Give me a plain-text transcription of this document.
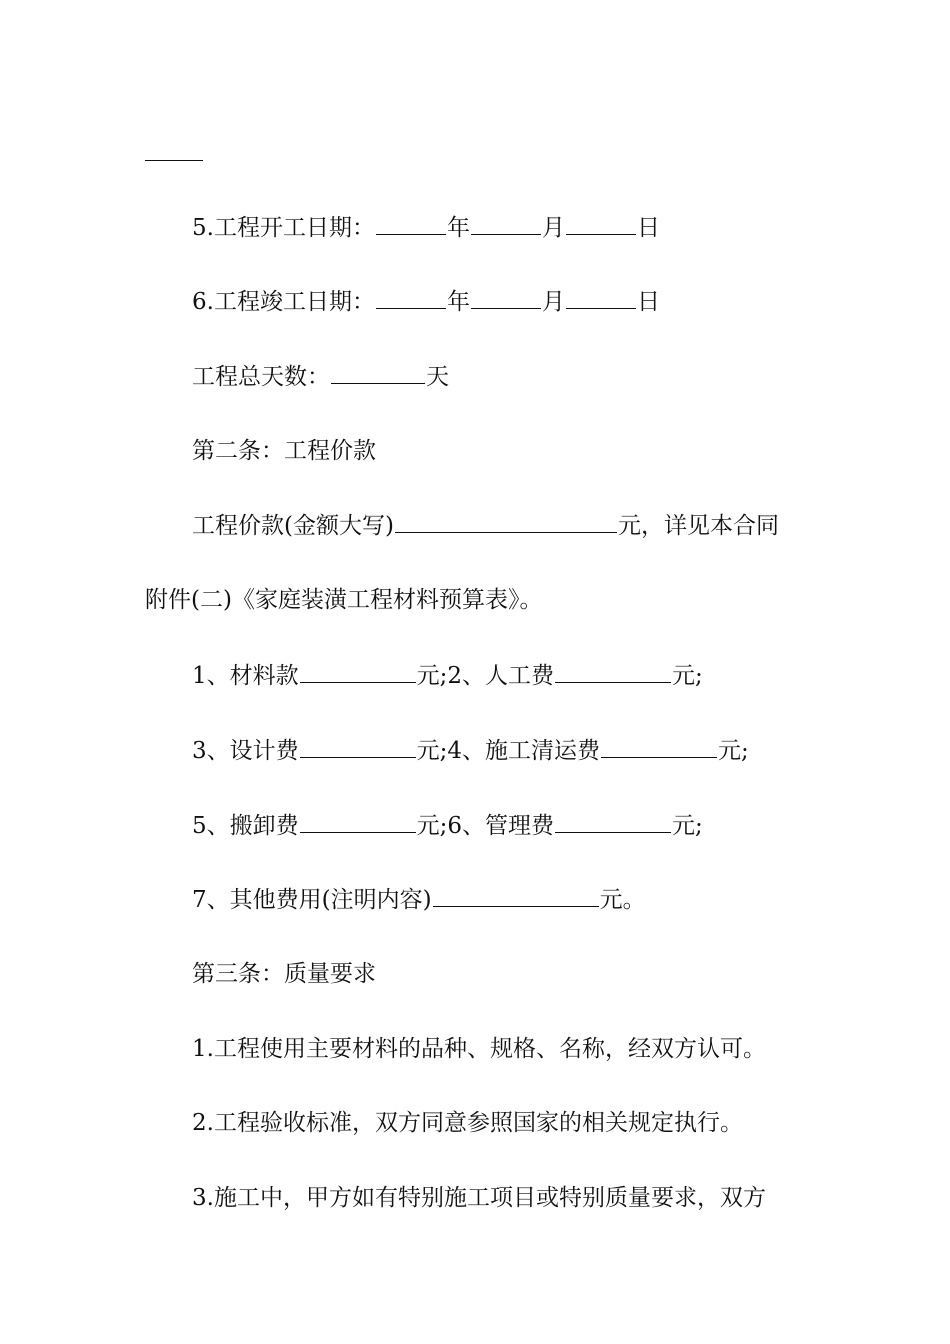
5.工程开工日期：	年	月	日
6.工程竣工日期：	年	月	日
工程总天数：	天
第二条：工程价款
工程价款(金额大写)	元，详见本合同
附件(二)《家庭装潢工程材料预算表》。
1、材料款	元;2、人工费	元;
3、设计费	元;4、施工清运费	元;
5、搬卸费	元;6、管理费	元;
7、其他费用(注明内容)	元。
第三条：质量要求
1.工程使用主要材料的品种、规格、名称，经双方认可。
2.工程验收标准，双方同意参照国家的相关规定执行。
3.施工中，甲方如有特别施工项目或特别质量要求，双方
